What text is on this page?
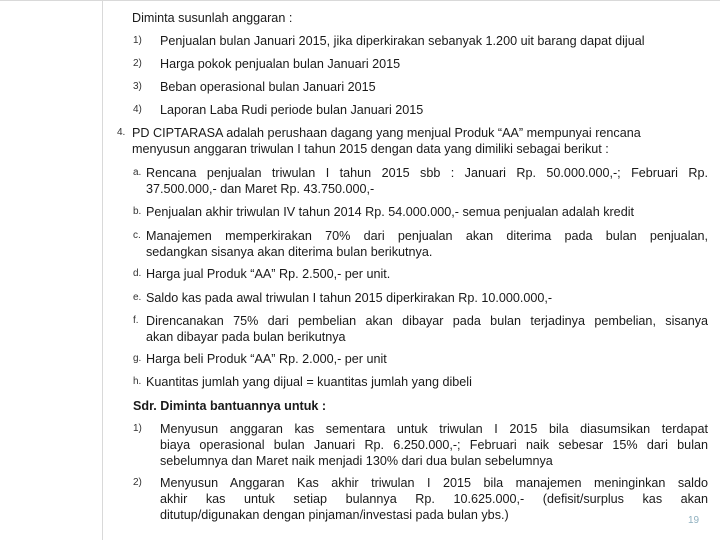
Diminta susunlah anggaran :
1) Penjualan bulan Januari 2015, jika diperkirakan sebanyak 1.200 uit barang dapat dijual
2) Harga pokok penjualan bulan Januari 2015
3) Beban operasional bulan Januari 2015
4) Laporan Laba Rudi periode bulan Januari 2015
4. PD CIPTARASA adalah perushaan dagang yang menjual Produk “AA” mempunyai rencana
menyusun anggaran triwulan I tahun 2015 dengan data yang dimiliki sebagai berikut :
a. Rencana penjualan triwulan I tahun 2015 sbb : Januari Rp. 50.000.000,-; Februari Rp.
37.500.000,- dan Maret Rp. 43.750.000,-
b. Penjualan akhir triwulan IV tahun 2014 Rp. 54.000.000,- semua penjualan adalah kredit
c. Manajemen memperkirakan 70% dari penjualan akan diterima pada bulan penjualan,
sedangkan sisanya akan diterima bulan berikutnya.
d. Harga jual Produk “AA” Rp. 2.500,- per unit.
e. Saldo kas pada awal triwulan I tahun 2015 diperkirakan Rp. 10.000.000,-
f. Direncanakan 75% dari pembelian akan dibayar pada bulan terjadinya pembelian, sisanya
akan dibayar pada bulan berikutnya
g. Harga beli Produk “AA” Rp. 2.000,- per unit
h. Kuantitas jumlah yang dijual = kuantitas jumlah yang dibeli
Sdr. Diminta bantuannya untuk :
1) Menyusun anggaran kas sementara untuk triwulan I 2015 bila diasumsikan terdapat
biaya operasional bulan Januari Rp. 6.250.000,-; Februari naik sebesar 15% dari bulan
sebelumnya dan Maret naik menjadi 130% dari dua bulan sebelumnya
2) Menyusun Anggaran Kas akhir triwulan I 2015 bila manajemen meninginkan saldo
akhir kas untuk setiap bulannya Rp. 10.625.000,- (defisit/surplus kas akan
ditutup/digunakan dengan pinjaman/investasi pada bulan ybs.)	19
